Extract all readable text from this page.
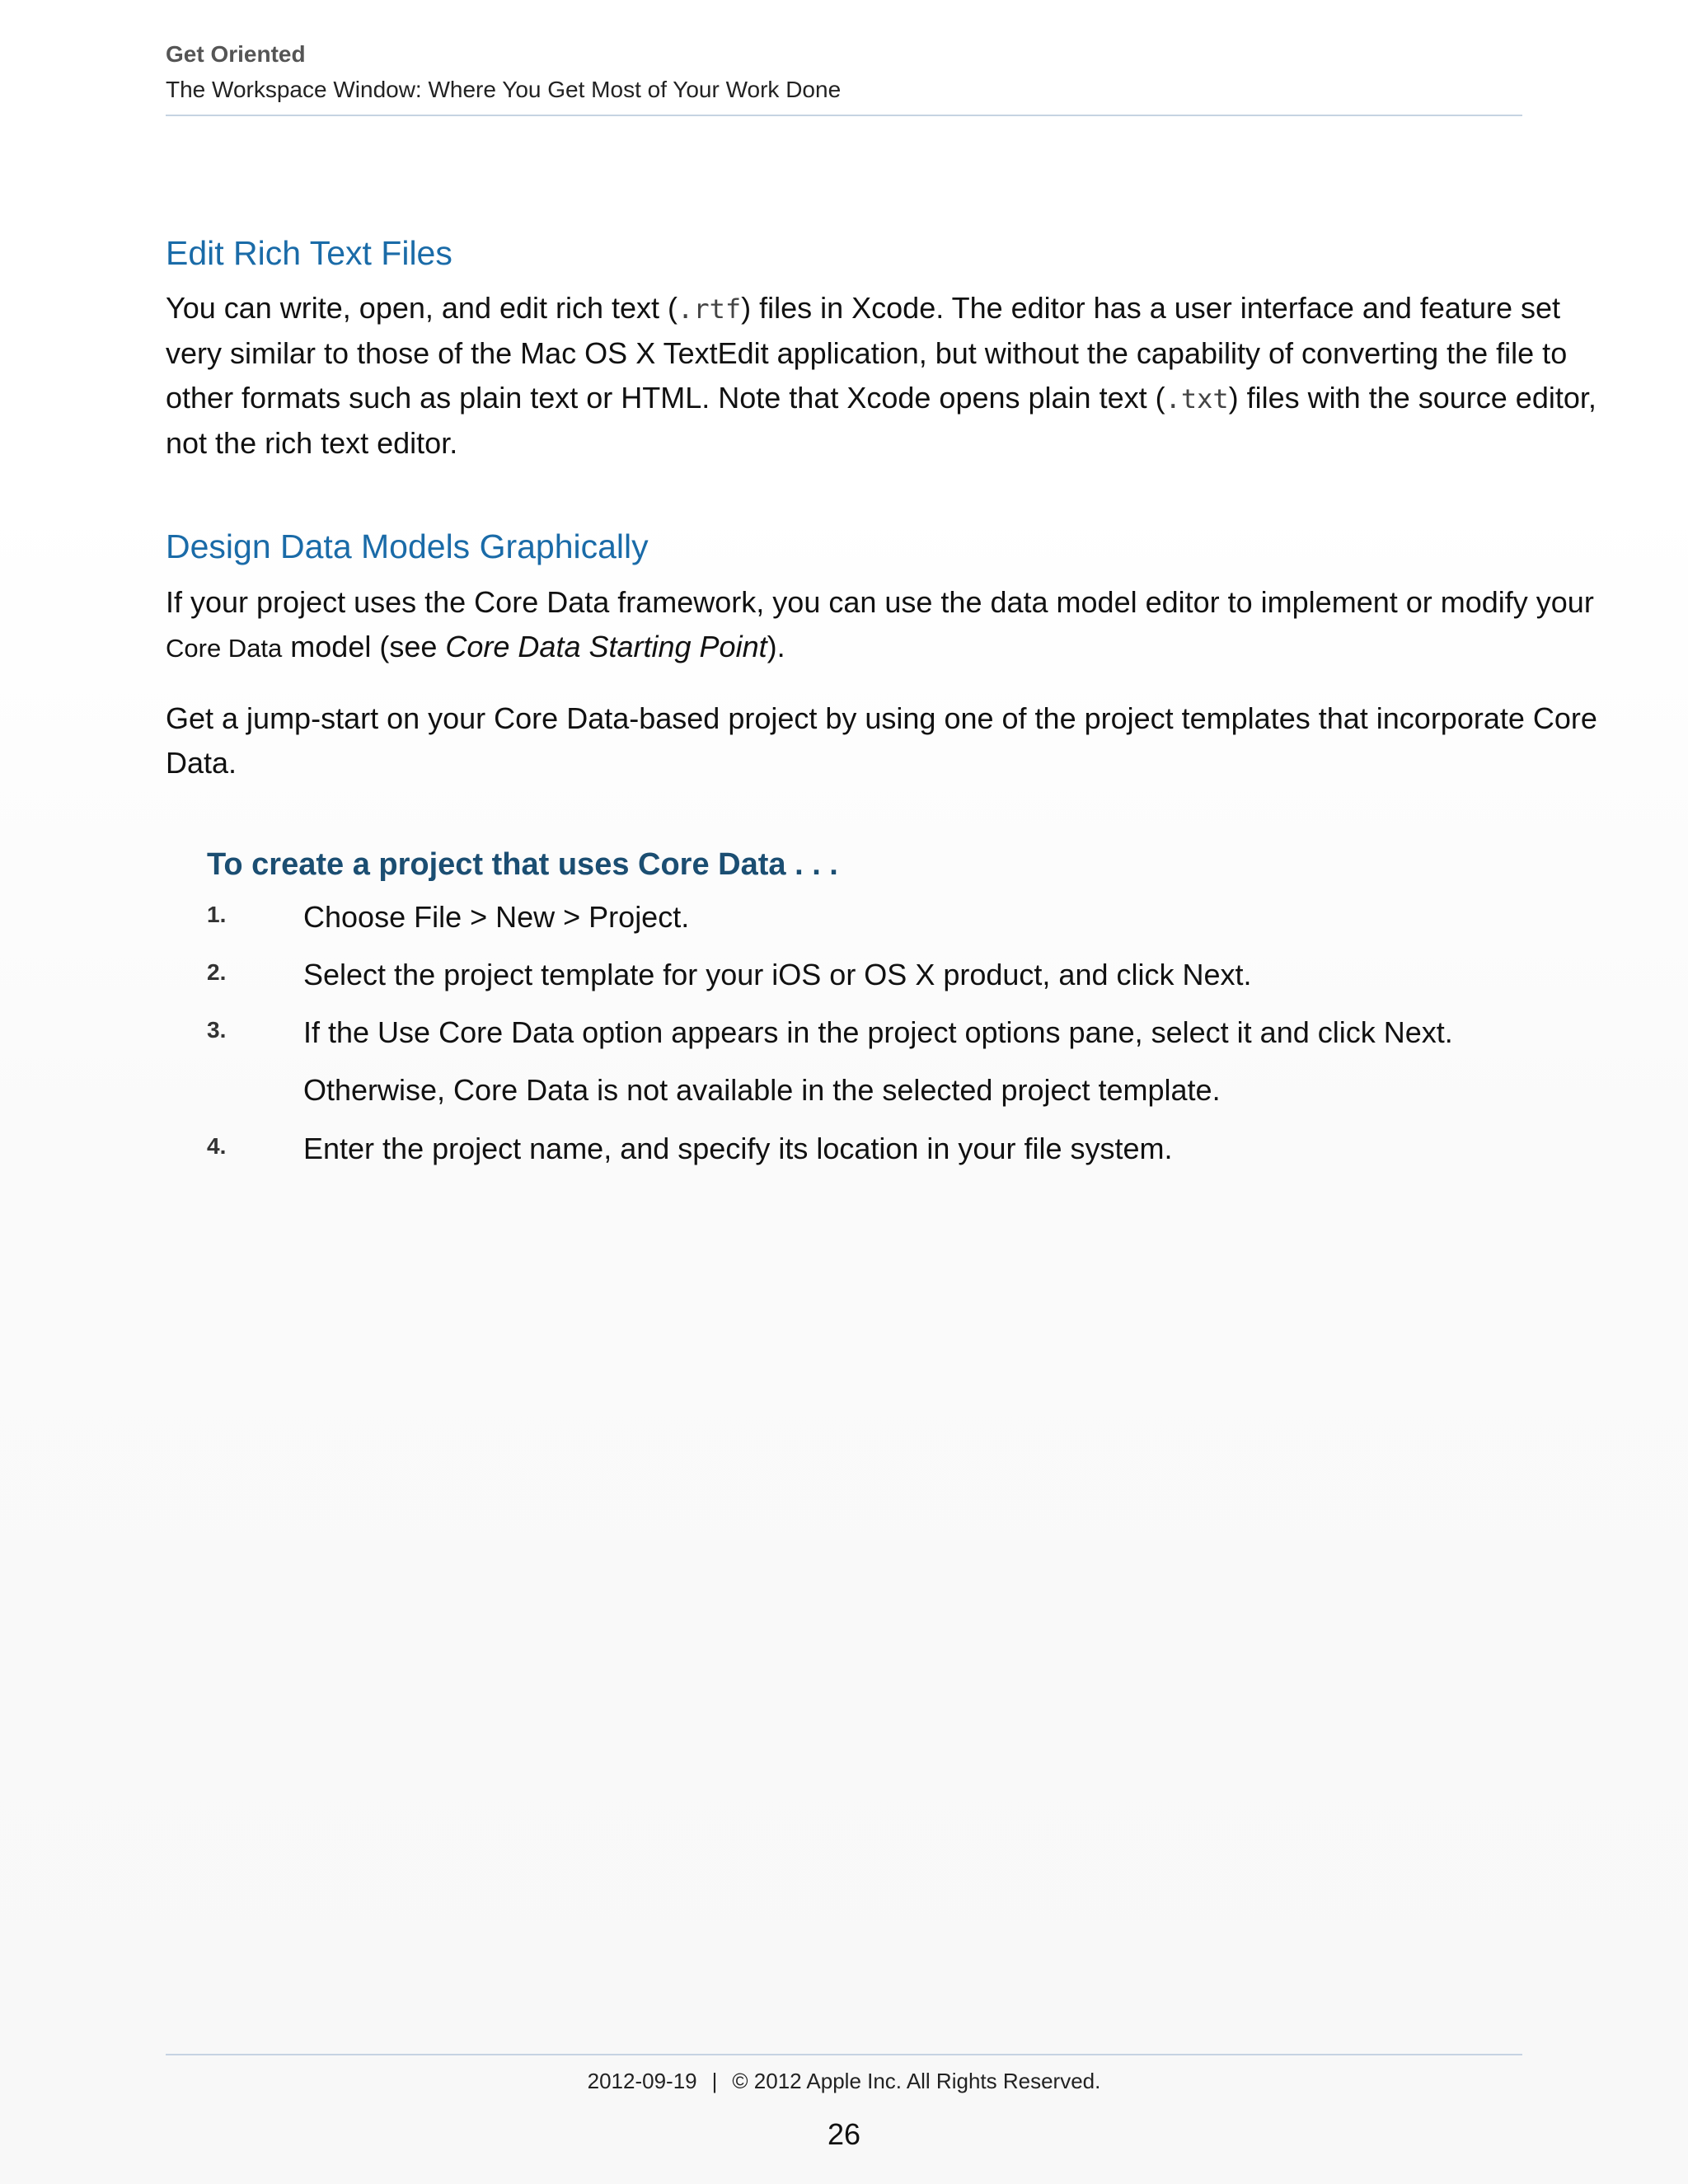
Get Oriented
The Workspace Window: Where You Get Most of Your Work Done
Edit Rich Text Files

You can write, open, and edit rich text (.rtf) files in Xcode. The editor has a user interface and feature set

very similar to those of the Mac OS X TextEdit application, but without the capability of converting the file to

other formats such as plain text or HTML. Note that Xcode opens plain text (.txt) files with the source editor,

not the rich text editor.

Design Data Models Graphically

If your project uses the Core Data framework, you can use the data model editor to implement or modify your

Core Data model (see Core Data Starting Point).

Get a jump-start on your Core Data-based project by using one of the project templates that incorporate Core

Data.

To create a project that uses Core Data . . .
1.	Choose File > New > Project.
2.	Select the project template for your iOS or OS X product, and click Next.
3.	If the Use Core Data option appears in the project options pane, select it and click Next.
Otherwise, Core Data is not available in the selected project template.
4.	Enter the project name, and specify its location in your file system.
2012-09-19 | © 2012 Apple Inc. All Rights Reserved.
26
